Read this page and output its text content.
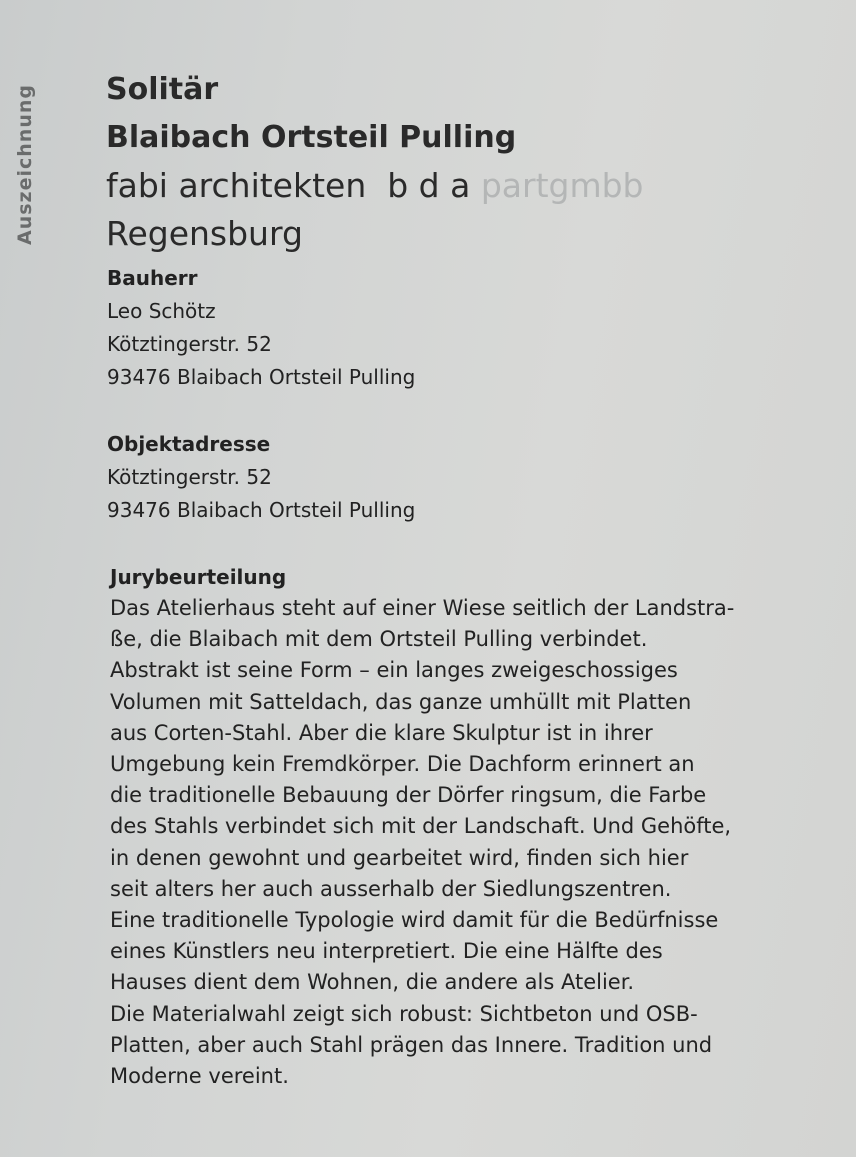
Auszeichnung Solitär
Blaibach Ortsteil Pulling
fabi architekten  b d a partgmbb
Regensburg
Bauherr
Leo Schötz
Kötztingerstr. 52
93476 Blaibach Ortsteil Pulling
Objektadresse
Kötztingerstr. 52
93476 Blaibach Ortsteil Pulling
Jurybeurteilung
Das Atelierhaus steht auf einer Wiese seitlich der Landstra-
ße, die Blaibach mit dem Ortsteil Pulling verbindet.
Abstrakt ist seine Form – ein langes zweigeschossiges
Volumen mit Satteldach, das ganze umhüllt mit Platten
aus Corten-Stahl. Aber die klare Skulptur ist in ihrer
Umgebung kein Fremdkörper. Die Dachform erinnert an
die traditionelle Bebauung der Dörfer ringsum, die Farbe
des Stahls verbindet sich mit der Landschaft. Und Gehöfte,
in denen gewohnt und gearbeitet wird, finden sich hier
seit alters her auch ausserhalb der Siedlungszentren.
Eine traditionelle Typologie wird damit für die Bedürfnisse
eines Künstlers neu interpretiert. Die eine Hälfte des
Hauses dient dem Wohnen, die andere als Atelier.
Die Materialwahl zeigt sich robust: Sichtbeton und OSB-
Platten, aber auch Stahl prägen das Innere. Tradition und
Moderne vereint.
